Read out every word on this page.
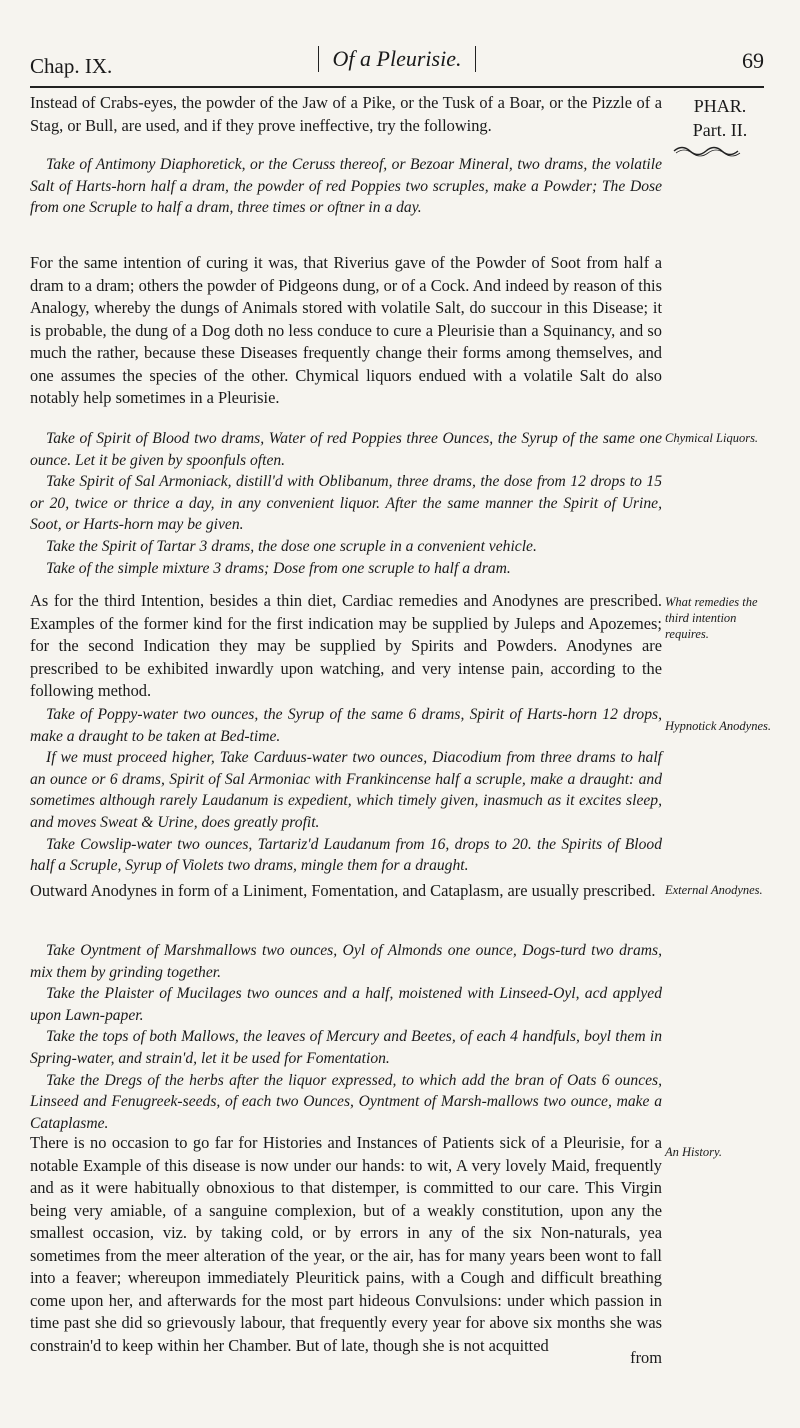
Chap. IX.	Of a Pleurisie.	69
PHAR.
Part. II.

Instead of Crabs-eyes, the powder of the Jaw of a Pike, or the Tusk of a Boar, or the Pizzle of a Stag, or Bull, are used, and if they prove ineffective, try the following.

Take of Antimony Diaphoretick, or the Ceruss thereof, or Bezoar Mineral, two drams, the volatile Salt of Harts-horn half a dram, the powder of red Poppies two scruples, make a Powder; The Dose from one Scruple to half a dram, three times or oftner in a day.

For the same intention of curing it was, that Riverius gave of the Powder of Soot from half a dram to a dram; others the powder of Pidgeons dung, or of a Cock. And indeed by reason of this Analogy, whereby the dungs of Animals stored with volatile Salt, do succour in this Disease; it is probable, the dung of a Dog doth no less conduce to cure a Pleurisie than a Squinancy, and so much the rather, because these Diseases frequently change their forms among themselves, and one assumes the species of the other. Chymical liquors endued with a volatile Salt do also notably help sometimes in a Pleurisie.

Take of Spirit of Blood two drams, Water of red Poppies three Ounces, the Syrup of the same one ounce. Let it be given by spoonfuls often.

Take Spirit of Sal Armoniack, distill'd with Oblibanum, three drams, the dose from 12 drops to 15 or 20, twice or thrice a day, in any convenient liquor. After the same manner the Spirit of Urine, Soot, or Harts-horn may be given.

Take the Spirit of Tartar 3 drams, the dose one scruple in a convenient vehicle.

Take of the simple mixture 3 drams; Dose from one scruple to half a dram.

Chymical Liquors.

As for the third Intention, besides a thin diet, Cardiac remedies and Anodynes are prescribed. Examples of the former kind for the first indication may be supplied by Juleps and Apozemes; for the second Indication they may be supplied by Spirits and Powders. Anodynes are prescribed to be exhibited inwardly upon watching, and very intense pain, according to the following method.

What remedies the third intention requires.

Take of Poppy-water two ounces, the Syrup of the same 6 drams, Spirit of Harts-horn 12 drops, make a draught to be taken at Bed-time.

If we must proceed higher, Take Carduus-water two ounces, Diacodium from three drams to half an ounce or 6 drams, Spirit of Sal Armoniac with Frankincense half a scruple, make a draught: and sometimes although rarely Laudanum is expedient, which timely given, inasmuch as it excites sleep, and moves Sweat & Urine, does greatly profit.

Take Cowslip-water two ounces, Tartariz'd Laudanum from 16, drops to 20. the Spirits of Blood half a Scruple, Syrup of Violets two drams, mingle them for a draught.

Hypnotick Anodynes.

Outward Anodynes in form of a Liniment, Fomentation, and Cataplasm, are usually prescribed. External Anodynes.

Take Oyntment of Marshmallows two ounces, Oyl of Almonds one ounce, Dogs-turd two drams, mix them by grinding together.

Take the Plaister of Mucilages two ounces and a half, moistened with Linseed-Oyl, acd applyed upon Lawn-paper.

Take the tops of both Mallows, the leaves of Mercury and Beetes, of each 4 handfuls, boyl them in Spring-water, and strain'd, let it be used for Fomentation.

Take the Dregs of the herbs after the liquor expressed, to which add the bran of Oats 6 ounces, Linseed and Fenugreek-seeds, of each two Ounces, Oyntment of Marsh-mallows two ounce, make a Cataplasme.

There is no occasion to go far for Histories and Instances of Patients sick of a Pleurisie, for a notable Example of this disease is now under our hands: to wit, A very lovely Maid, frequently and as it were habitually obnoxious to that distemper, is committed to our care. This Virgin being very amiable, of a sanguine complexion, but of a weakly constitution, upon any the smallest occasion, viz. by taking cold, or by errors in any of the six Non-naturals, yea sometimes from the meer alteration of the year, or the air, has for many years been wont to fall into a feaver; whereupon immediately Pleuritick pains, with a Cough and difficult breathing come upon her, and afterwards for the most part hideous Convulsions: under which passion in time past she did so grievously labour, that frequently every year for above six months she was constrain'd to keep within her Chamber. But of late, though she is not acquitted

An History.
from
